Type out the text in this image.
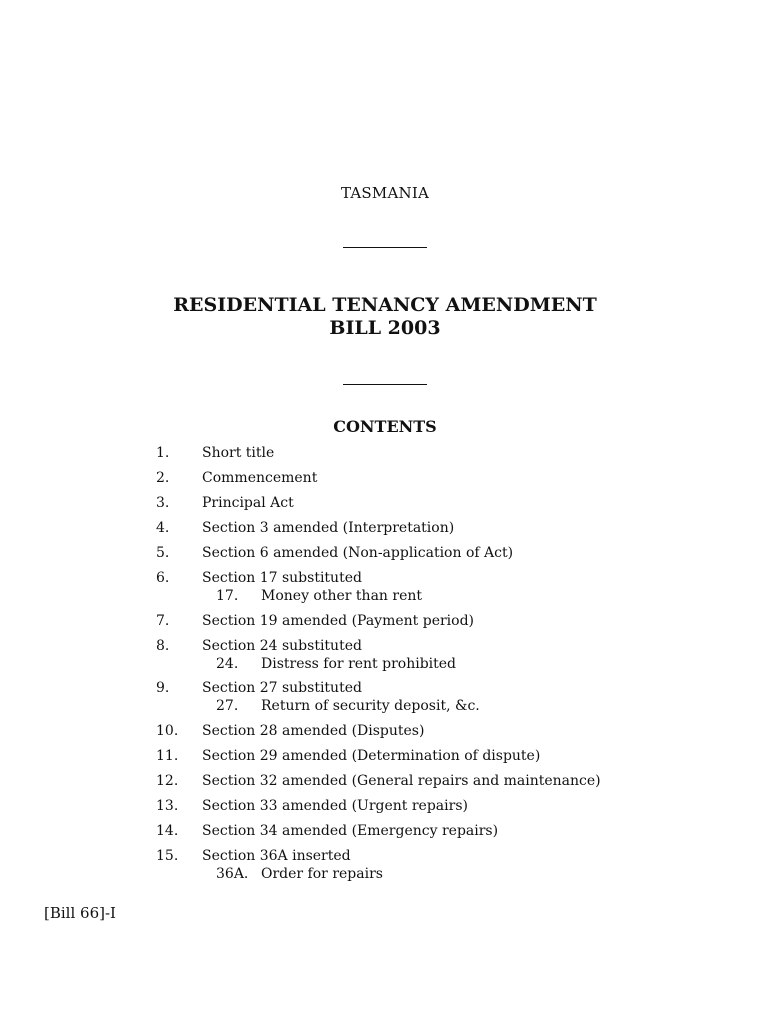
TASMANIA
RESIDENTIAL TENANCY AMENDMENT
BILL 2003
CONTENTS
1. Short title
2. Commencement
3. Principal Act
4. Section 3 amended (Interpretation)
5. Section 6 amended (Non-application of Act)
6. Section 17 substituted
17. Money other than rent
7. Section 19 amended (Payment period)
8. Section 24 substituted
24. Distress for rent prohibited
9. Section 27 substituted
27. Return of security deposit, &c.
10. Section 28 amended (Disputes)
11. Section 29 amended (Determination of dispute)
12. Section 32 amended (General repairs and maintenance)
13. Section 33 amended (Urgent repairs)
14. Section 34 amended (Emergency repairs)
15. Section 36A inserted
36A. Order for repairs
[Bill 66]-I
